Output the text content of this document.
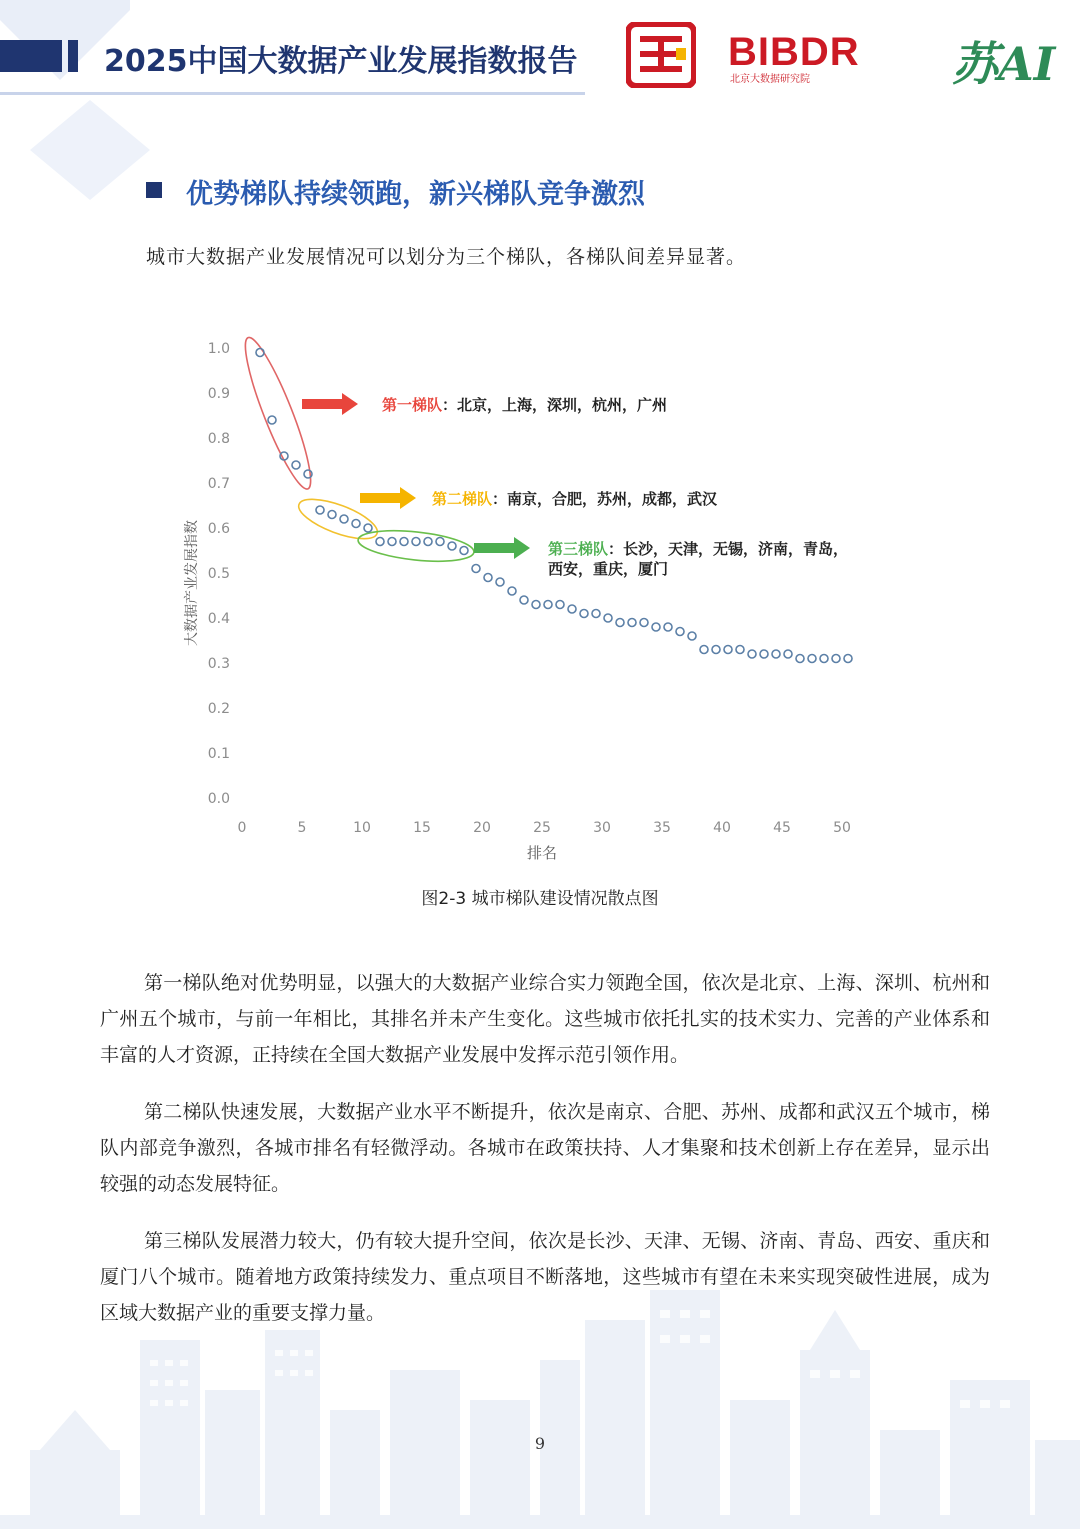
2025中国大数据产业发展指数报告	BIBDR
北京大数据研究院	苏AI
优势梯队持续领跑，新兴梯队竞争激烈
城市大数据产业发展情况可以划分为三个梯队，各梯队间差异显著。
0.0
0.1
0.2
0.3
0.4
0.5
0.6
0.7
0.8
0.9
1.0
0	5	10	15	20	25	30	35	40	45	50
大数据产业发展指数
排名
第一梯队：北京，上海，深圳，杭州，广州
第二梯队：南京，合肥，苏州，成都，武汉
第三梯队：长沙，天津，无锡，济南，青岛，
西安，重庆，厦门
图2-3 城市梯队建设情况散点图
第一梯队绝对优势明显，以强大的大数据产业综合实力领跑全国，依次是北京、上海、深圳、杭州和广州五个城市，与前一年相比，其排名并未产生变化。这些城市依托扎实的技术实力、完善的产业体系和丰富的人才资源，正持续在全国大数据产业发展中发挥示范引领作用。
第二梯队快速发展，大数据产业水平不断提升，依次是南京、合肥、苏州、成都和武汉五个城市，梯队内部竞争激烈，各城市排名有轻微浮动。各城市在政策扶持、人才集聚和技术创新上存在差异，显示出较强的动态发展特征。
第三梯队发展潜力较大，仍有较大提升空间，依次是长沙、天津、无锡、济南、青岛、西安、重庆和厦门八个城市。随着地方政策持续发力、重点项目不断落地，这些城市有望在未来实现突破性进展，成为区域大数据产业的重要支撑力量。
9
